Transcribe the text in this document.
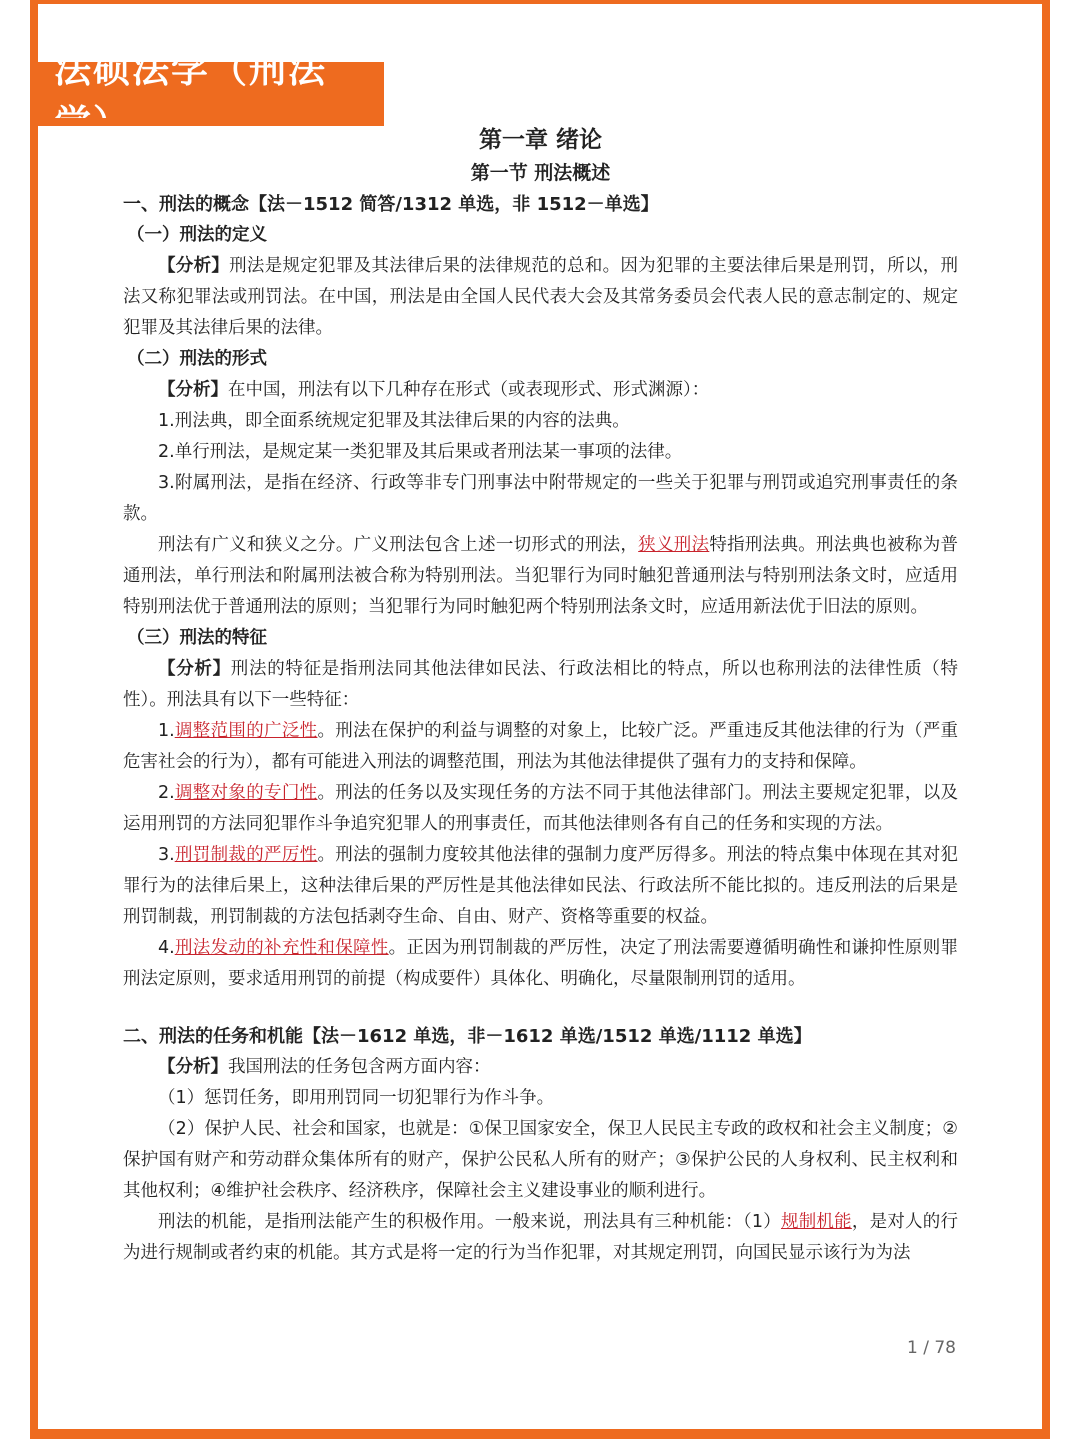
法硕法学（刑法
第一章 绪论
第一节 刑法概述
一、刑法的概念【法－1512 简答/1312 单选，非 1512－单选】
（一）刑法的定义
【分析】刑法是规定犯罪及其法律后果的法律规范的总和。因为犯罪的主要法律后果是刑罚，所以，刑法又称犯罪法或刑罚法。在中国，刑法是由全国人民代表大会及其常务委员会代表人民的意志制定的、规定犯罪及其法律后果的法律。
（二）刑法的形式
【分析】在中国，刑法有以下几种存在形式（或表现形式、形式渊源）：
1.刑法典，即全面系统规定犯罪及其法律后果的内容的法典。
2.单行刑法，是规定某一类犯罪及其后果或者刑法某一事项的法律。
3.附属刑法，是指在经济、行政等非专门刑事法中附带规定的一些关于犯罪与刑罚或追究刑事责任的条款。
刑法有广义和狭义之分。广义刑法包含上述一切形式的刑法，狭义刑法特指刑法典。刑法典也被称为普通刑法，单行刑法和附属刑法被合称为特别刑法。当犯罪行为同时触犯普通刑法与特别刑法条文时，应适用特别刑法优于普通刑法的原则；当犯罪行为同时触犯两个特别刑法条文时，应适用新法优于旧法的原则。
（三）刑法的特征
【分析】刑法的特征是指刑法同其他法律如民法、行政法相比的特点，所以也称刑法的法律性质（特性）。刑法具有以下一些特征：
1.调整范围的广泛性。刑法在保护的利益与调整的对象上，比较广泛。严重违反其他法律的行为（严重危害社会的行为），都有可能进入刑法的调整范围，刑法为其他法律提供了强有力的支持和保障。
2.调整对象的专门性。刑法的任务以及实现任务的方法不同于其他法律部门。刑法主要规定犯罪，以及运用刑罚的方法同犯罪作斗争追究犯罪人的刑事责任，而其他法律则各有自己的任务和实现的方法。
3.刑罚制裁的严厉性。刑法的强制力度较其他法律的强制力度严厉得多。刑法的特点集中体现在其对犯罪行为的法律后果上，这种法律后果的严厉性是其他法律如民法、行政法所不能比拟的。违反刑法的后果是刑罚制裁，刑罚制裁的方法包括剥夺生命、自由、财产、资格等重要的权益。
4.刑法发动的补充性和保障性。正因为刑罚制裁的严厉性，决定了刑法需要遵循明确性和谦抑性原则罪刑法定原则，要求适用刑罚的前提（构成要件）具体化、明确化，尽量限制刑罚的适用。
二、刑法的任务和机能【法－1612 单选，非－1612 单选/1512 单选/1112 单选】
【分析】我国刑法的任务包含两方面内容：
（1）惩罚任务，即用刑罚同一切犯罪行为作斗争。
（2）保护人民、社会和国家，也就是：①保卫国家安全，保卫人民民主专政的政权和社会主义制度；②保护国有财产和劳动群众集体所有的财产，保护公民私人所有的财产；③保护公民的人身权利、民主权利和其他权利；④维护社会秩序、经济秩序，保障社会主义建设事业的顺利进行。
刑法的机能，是指刑法能产生的积极作用。一般来说，刑法具有三种机能：（1）规制机能，是对人的行为进行规制或者约束的机能。其方式是将一定的行为当作犯罪，对其规定刑罚，向国民显示该行为为法
1 / 78
